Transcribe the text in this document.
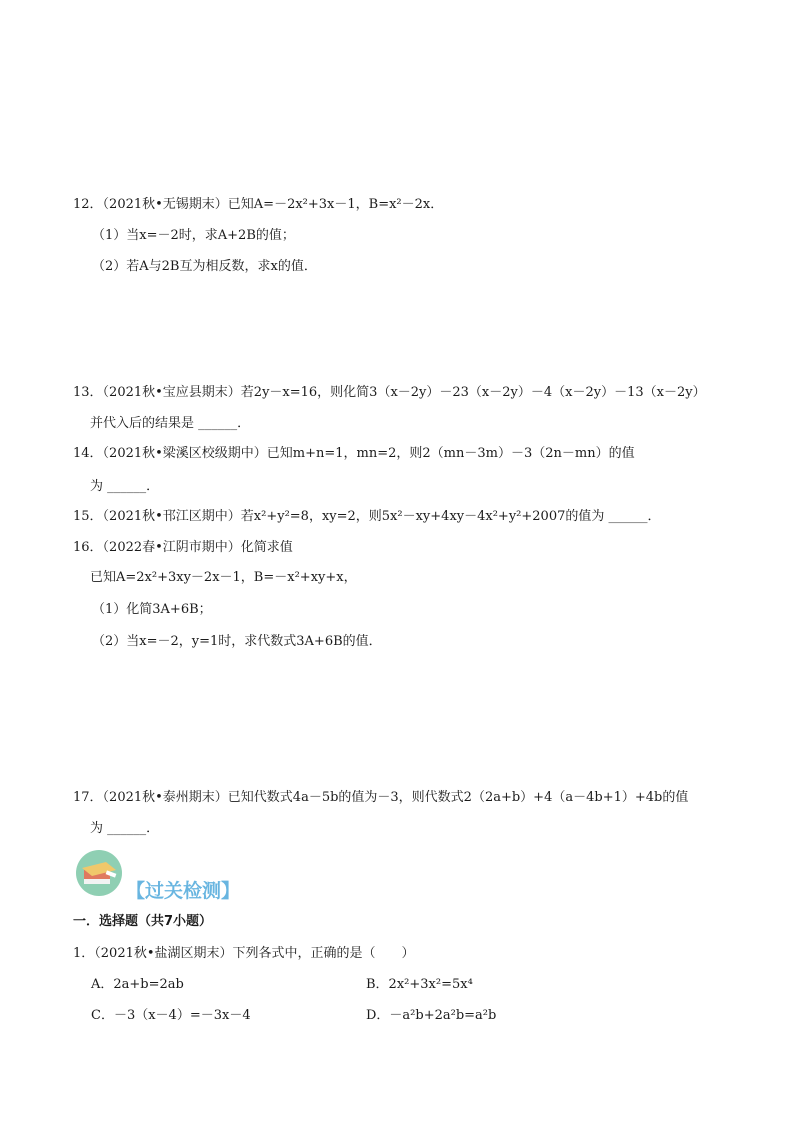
12．（2021秋•无锡期末）已知A=－2x²+3x－1，B=x²－2x．
（1）当x=－2时，求A+2B的值；
（2）若A与2B互为相反数，求x的值．
13．（2021秋•宝应县期末）若2y－x=16，则化简3（x－2y）－23（x－2y）－4（x－2y）－13（x－2y）
并代入后的结果是 ______．
14．（2021秋•梁溪区校级期中）已知m+n=1，mn=2，则2（mn－3m）－3（2n－mn）的值
为 ______．
15．（2021秋•邗江区期中）若x²+y²=8，xy=2，则5x²－xy+4xy－4x²+y²+2007的值为 ______．
16．（2022春•江阴市期中）化简求值
已知A=2x²+3xy－2x－1，B=－x²+xy+x，
（1）化简3A+6B；
（2）当x=－2，y=1时，求代数式3A+6B的值．
17．（2021秋•泰州期末）已知代数式4a－5b的值为－3，则代数式2（2a+b）+4（a－4b+1）+4b的值
为 ______．
【过关检测】
一．选择题（共7小题）
1．（2021秋•盐湖区期末）下列各式中，正确的是（　　）
A．2a+b=2ab	B．2x²+3x²=5x⁴
C．－3（x－4）=－3x－4	D．－a²b+2a²b=a²b
